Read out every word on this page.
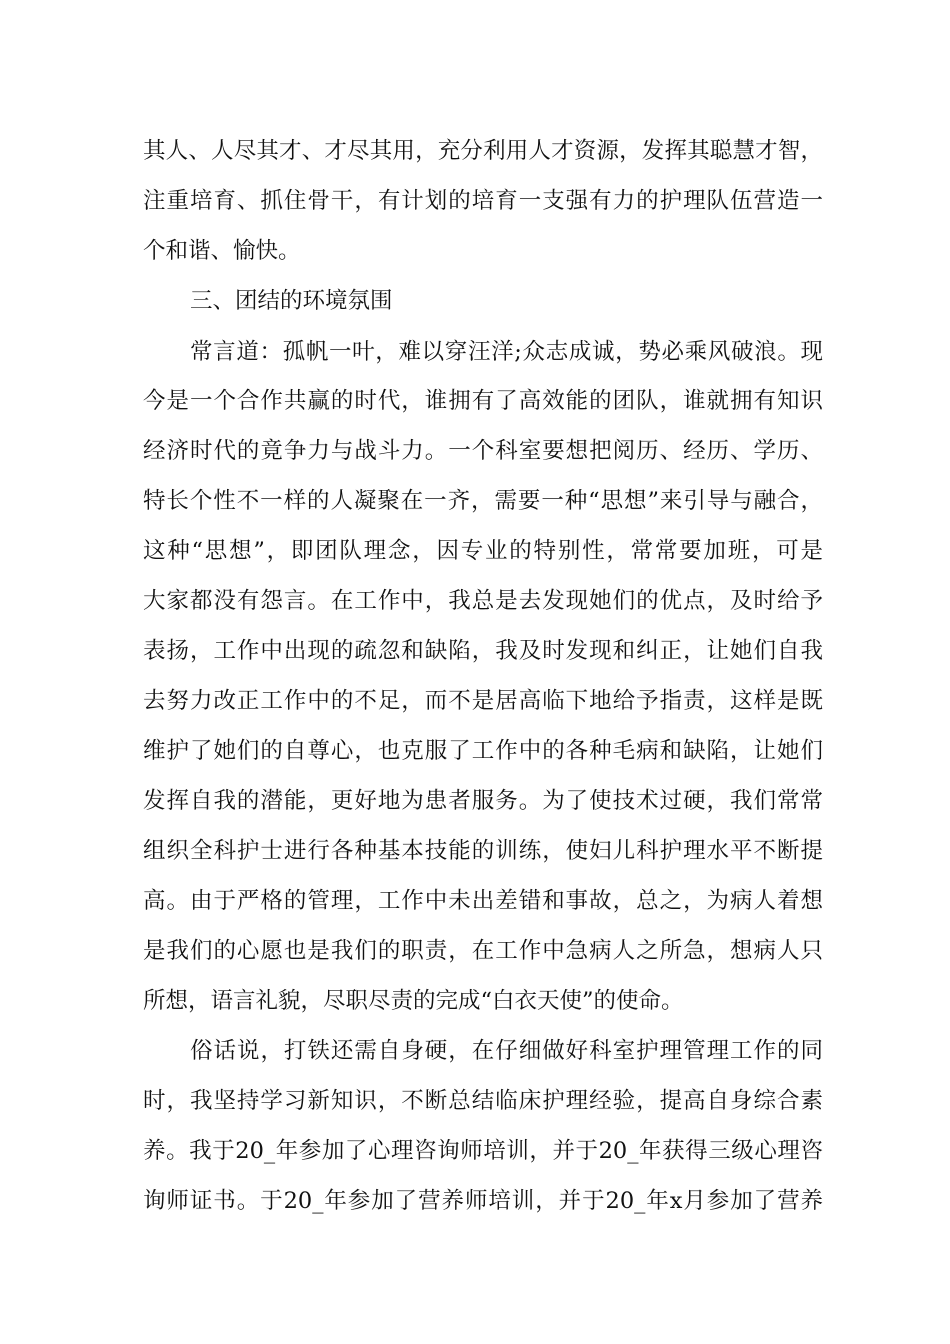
其人、人尽其才、才尽其用，充分利用人才资源，发挥其聪慧才智，
注重培育、抓住骨干，有计划的培育一支强有力的护理队伍营造一
个和谐、愉快。
三、团结的环境氛围
常言道：孤帆一叶，难以穿汪洋;众志成诚，势必乘风破浪。现
今是一个合作共赢的时代，谁拥有了高效能的团队，谁就拥有知识
经济时代的竟争力与战斗力。一个科室要想把阅历、经历、学历、
特长个性不一样的人凝聚在一齐，需要一种“思想”来引导与融合，
这种“思想”，即团队理念，因专业的特别性，常常要加班，可是
大家都没有怨言。在工作中，我总是去发现她们的优点，及时给予
表扬，工作中出现的疏忽和缺陷，我及时发现和纠正，让她们自我
去努力改正工作中的不足，而不是居高临下地给予指责，这样是既
维护了她们的自尊心，也克服了工作中的各种毛病和缺陷，让她们
发挥自我的潜能，更好地为患者服务。为了使技术过硬，我们常常
组织全科护士进行各种基本技能的训练，使妇儿科护理水平不断提
高。由于严格的管理，工作中未出差错和事故，总之，为病人着想
是我们的心愿也是我们的职责，在工作中急病人之所急，想病人只
所想，语言礼貌，尽职尽责的完成“白衣天使”的使命。
俗话说，打铁还需自身硬，在仔细做好科室护理管理工作的同
时，我坚持学习新知识，不断总结临床护理经验，提高自身综合素
养。我于20_年参加了心理咨询师培训，并于20_年获得三级心理咨
询师证书。于20_年参加了营养师培训，并于20_年x月参加了营养
